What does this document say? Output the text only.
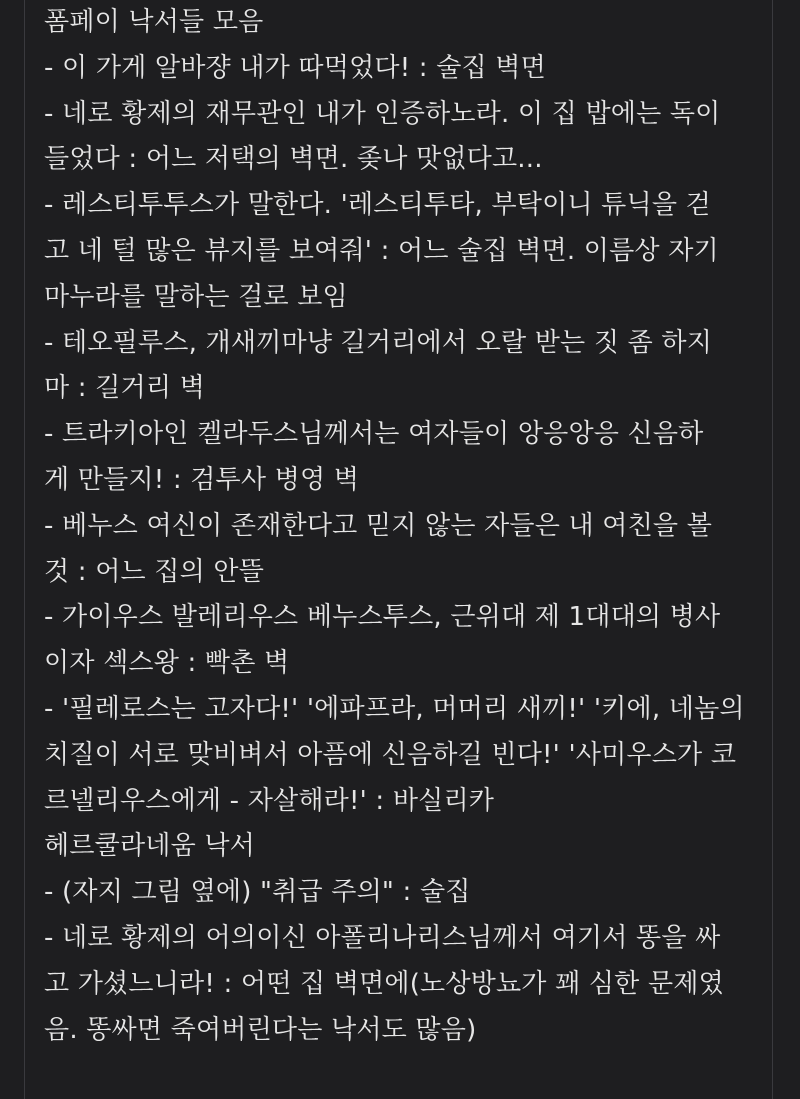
폼페이 낙서들 모음
- 이 가게 알바쟝 내가 따먹었다! : 술집 벽면
- 네로 황제의 재무관인 내가 인증하노라. 이 집 밥에는 독이
들었다 : 어느 저택의 벽면. 좆나 맛없다고...
- 레스티투투스가 말한다. '레스티투타, 부탁이니 튜닉을 걷
고 네 털 많은 뷰지를 보여줘' : 어느 술집 벽면. 이름상 자기
마누라를 말하는 걸로 보임
- 테오필루스, 개새끼마냥 길거리에서 오랄 받는 짓 좀 하지
마 : 길거리 벽
- 트라키아인 켈라두스님께서는 여자들이 앙응앙응 신음하
게 만들지! : 검투사 병영 벽
- 베누스 여신이 존재한다고 믿지 않는 자들은 내 여친을 볼
것 : 어느 집의 안뜰
- 가이우스 발레리우스 베누스투스, 근위대 제 1대대의 병사
이자 섹스왕 : 빡촌 벽
- '필레로스는 고자다!' '에파프라, 머머리 새끼!' '키에, 네놈의
치질이 서로 맞비벼서 아픔에 신음하길 빈다!' '사미우스가 코
르넬리우스에게 - 자살해라!' : 바실리카
헤르쿨라네움 낙서
- (자지 그림 옆에) "취급 주의" : 술집
- 네로 황제의 어의이신 아폴리나리스님께서 여기서 똥을 싸
고 가셨느니라! : 어떤 집 벽면에(노상방뇨가 꽤 심한 문제였
음. 똥싸면 죽여버린다는 낙서도 많음)
